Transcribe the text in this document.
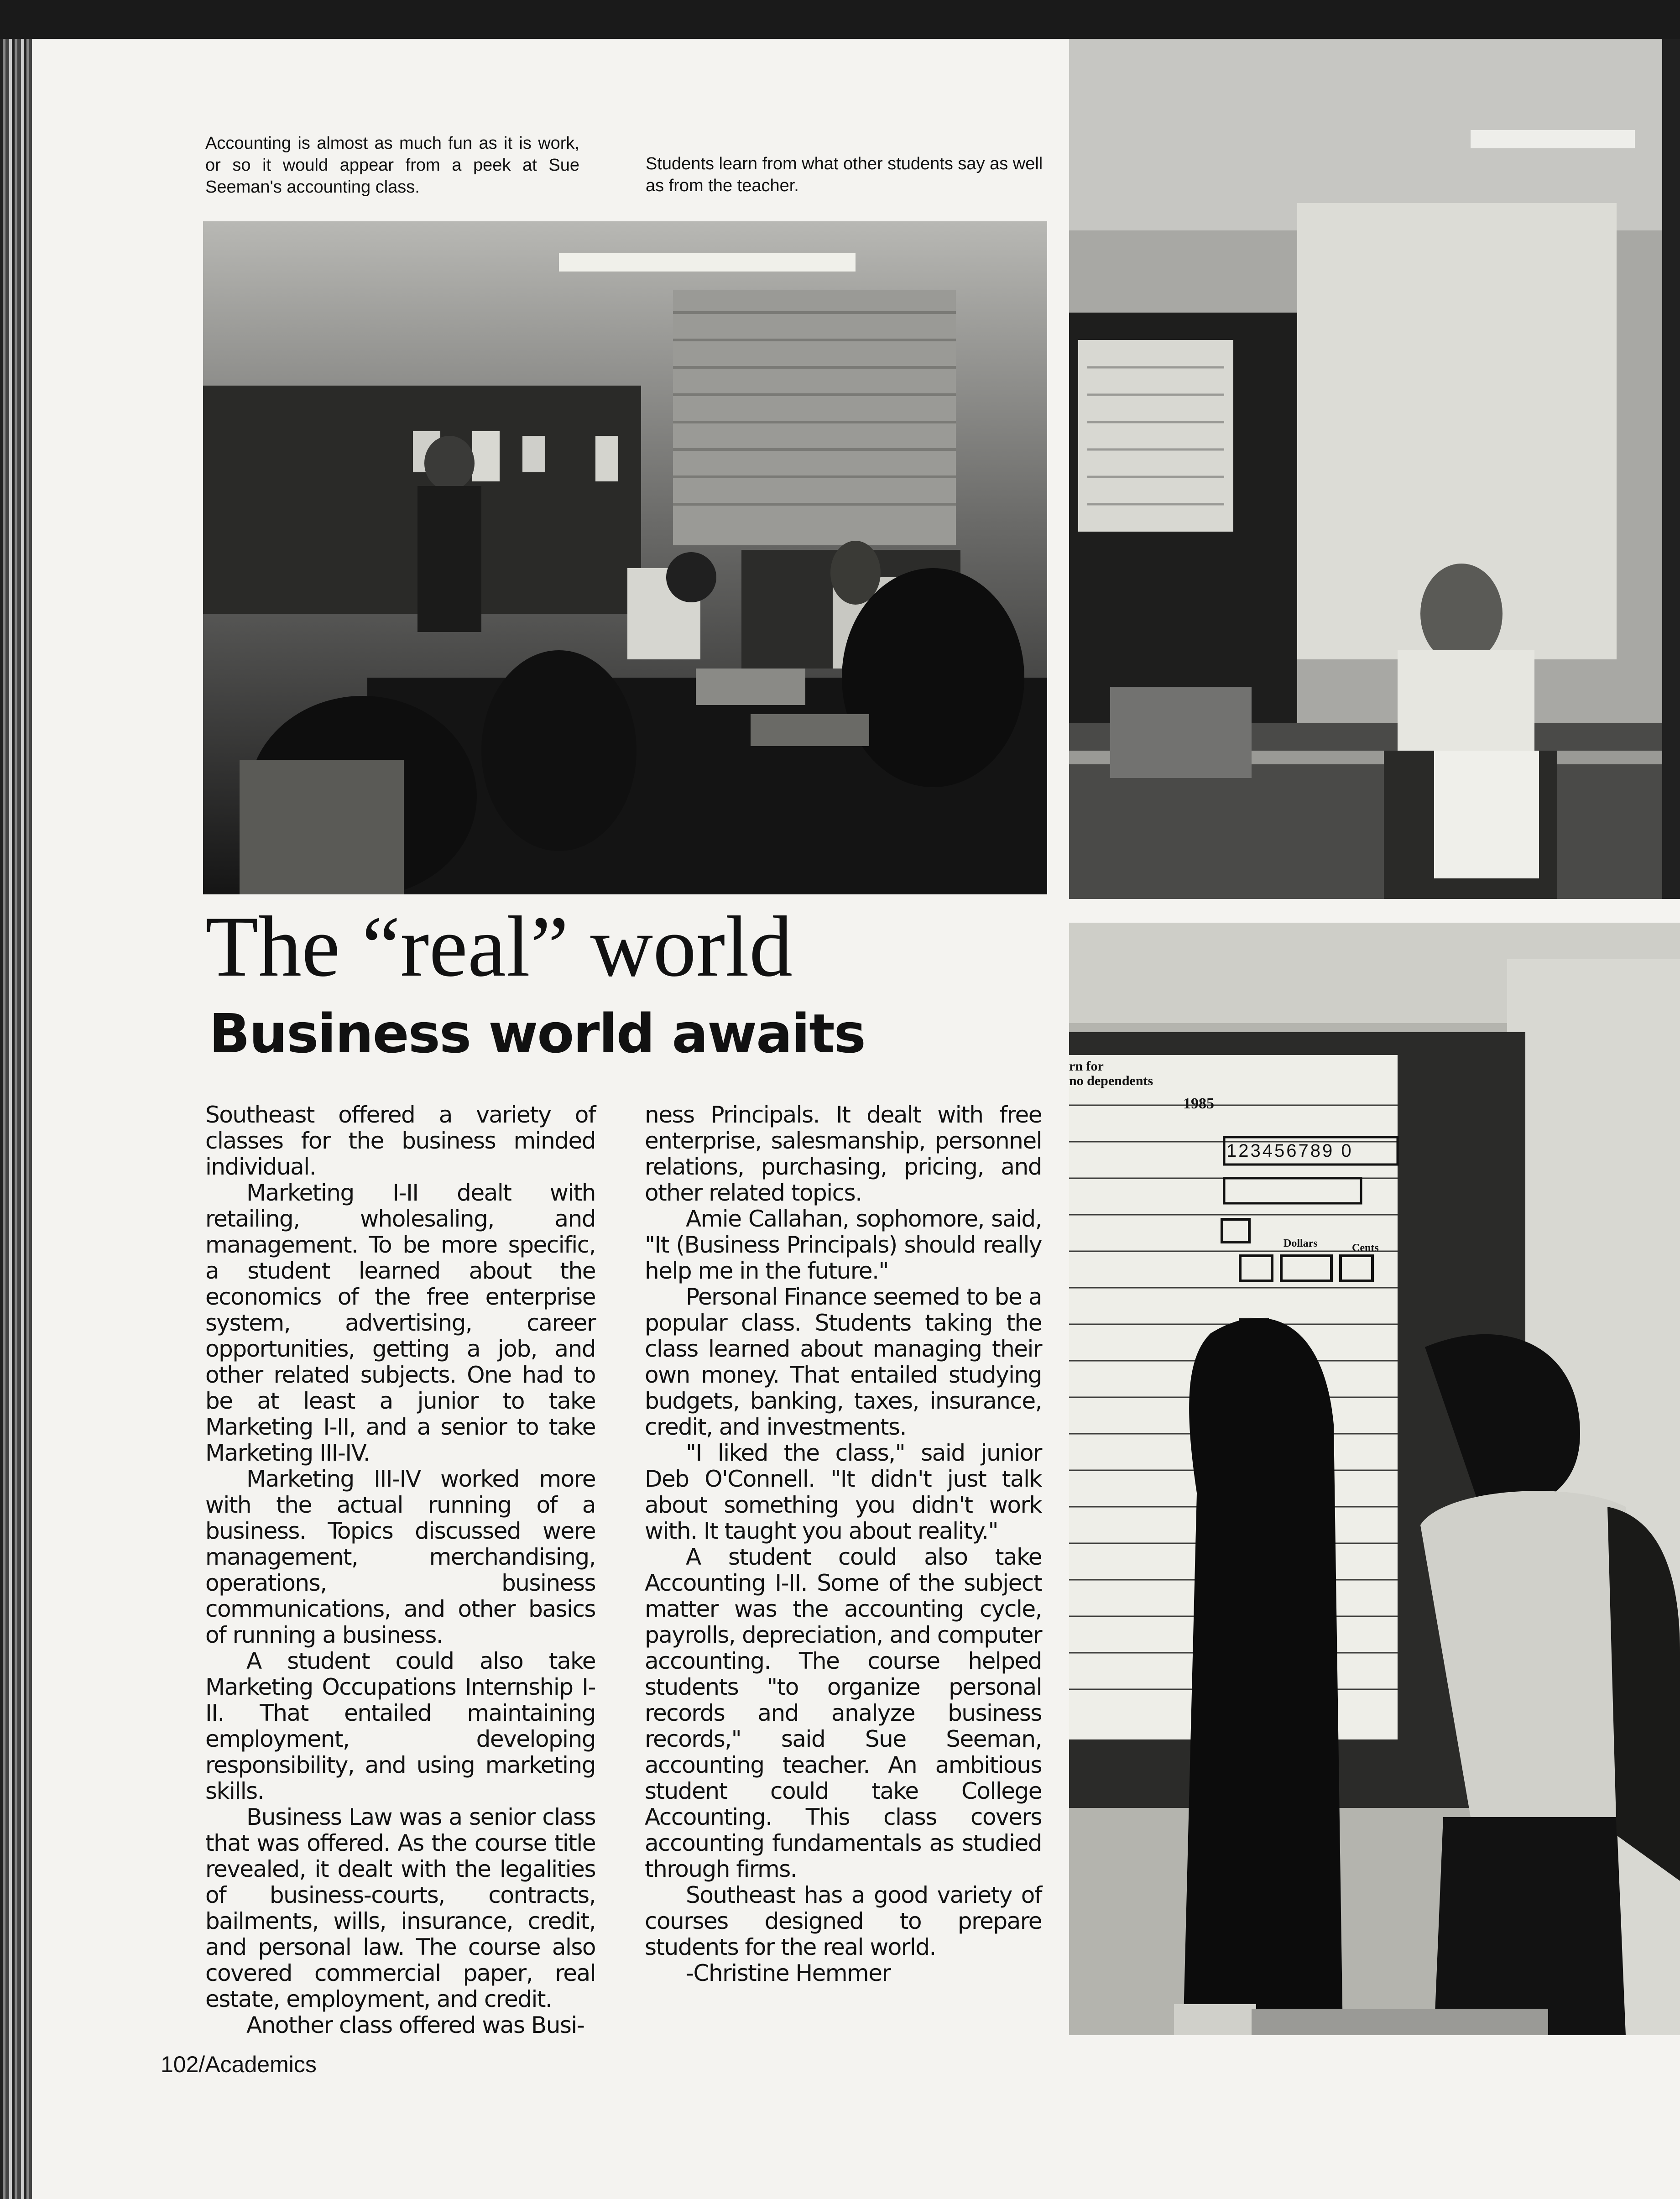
Accounting is almost as much fun as it is work, or so it would appear from a peek at Sue Seeman's accounting class.
Students learn from what other students say as well as from the teacher.
rn for
no dependents
1985
123456789 0
Dollars	Cents
The “real” world
Business world awaits

Southeast offered a variety of classes for the business minded individual.

Marketing I-II dealt with retailing, wholesaling, and management. To be more specific, a student learned about the economics of the free enterprise system, advertising, career opportunities, getting a job, and other related subjects. One had to be at least a junior to take Marketing I-II, and a senior to take Marketing III-IV.

Marketing III-IV worked more with the actual running of a business. Topics discussed were management, merchandising, operations, business communications, and other basics of running a business.

A student could also take Marketing Occupations Internship I-II. That entailed maintaining employment, developing responsibility, and using marketing skills.

Business Law was a senior class that was offered. As the course title revealed, it dealt with the legalities of business-courts, contracts, bailments, wills, insurance, credit, and personal law. The course also covered commercial paper, real estate, employment, and credit.

Another class offered was Busi-

ness Principals. It dealt with free enterprise, salesmanship, personnel relations, purchasing, pricing, and other related topics.

Amie Callahan, sophomore, said, "It (Business Principals) should really help me in the future."

Personal Finance seemed to be a popular class. Students taking the class learned about managing their own money. That entailed studying budgets, banking, taxes, insurance, credit, and investments.

"I liked the class," said junior Deb O'Connell. "It didn't just talk about something you didn't work with. It taught you about reality."

A student could also take Accounting I-II. Some of the subject matter was the accounting cycle, payrolls, depreciation, and computer accounting. The course helped students "to organize personal records and analyze business records," said Sue Seeman, accounting teacher. An ambitious student could take College Accounting. This class covers accounting fundamentals as studied through firms.

Southeast has a good variety of courses designed to prepare students for the real world.

-Christine Hemmer

102/Academics
